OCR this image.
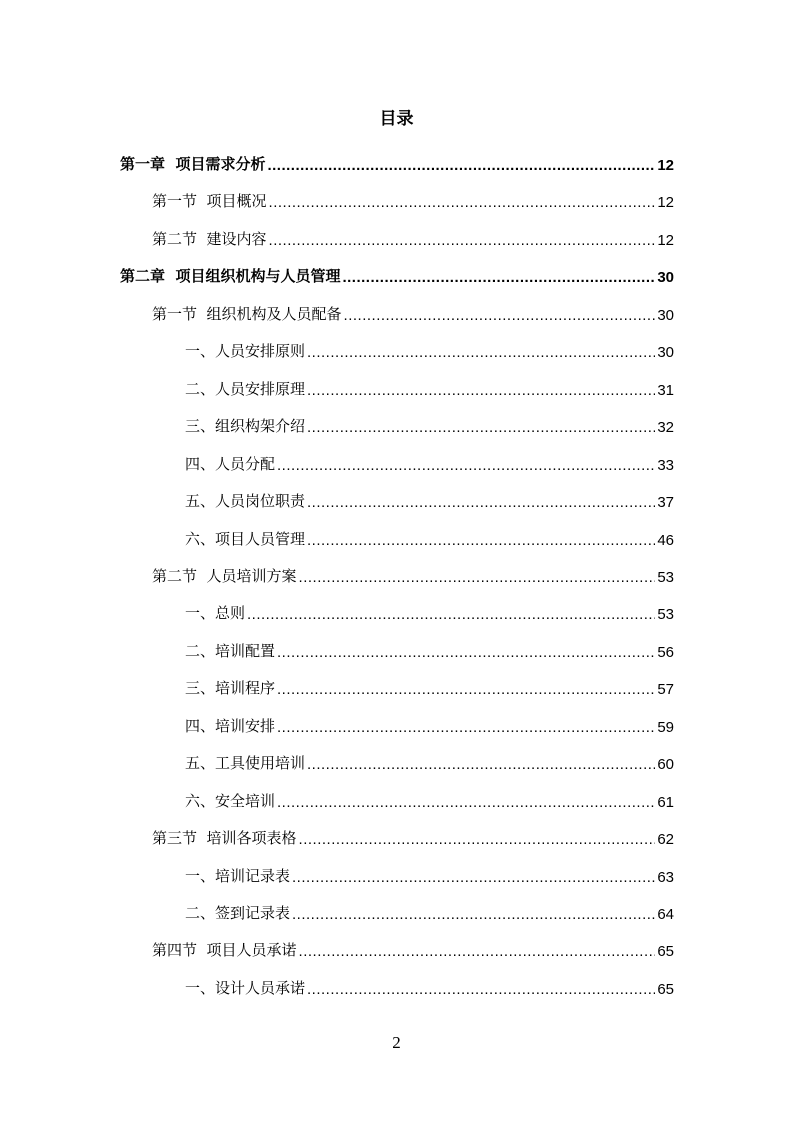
目录
第一章  项目需求分析 .....	12
第一节  项目概况 .....	12
第二节  建设内容 .....	12
第二章  项目组织机构与人员管理 .....	30
第一节  组织机构及人员配备 .....	30
一、人员安排原则 .....	30
二、人员安排原理 .....	31
三、组织构架介绍 .....	32
四、人员分配 .....	33
五、人员岗位职责 .....	37
六、项目人员管理 .....	46
第二节  人员培训方案 .....	53
一、总则 .....	53
二、培训配置 .....	56
三、培训程序 .....	57
四、培训安排 .....	59
五、工具使用培训 .....	60
六、安全培训 .....	61
第三节  培训各项表格 .....	62
一、培训记录表 .....	63
二、签到记录表 .....	64
第四节  项目人员承诺 .....	65
一、设计人员承诺 .....	65
2
